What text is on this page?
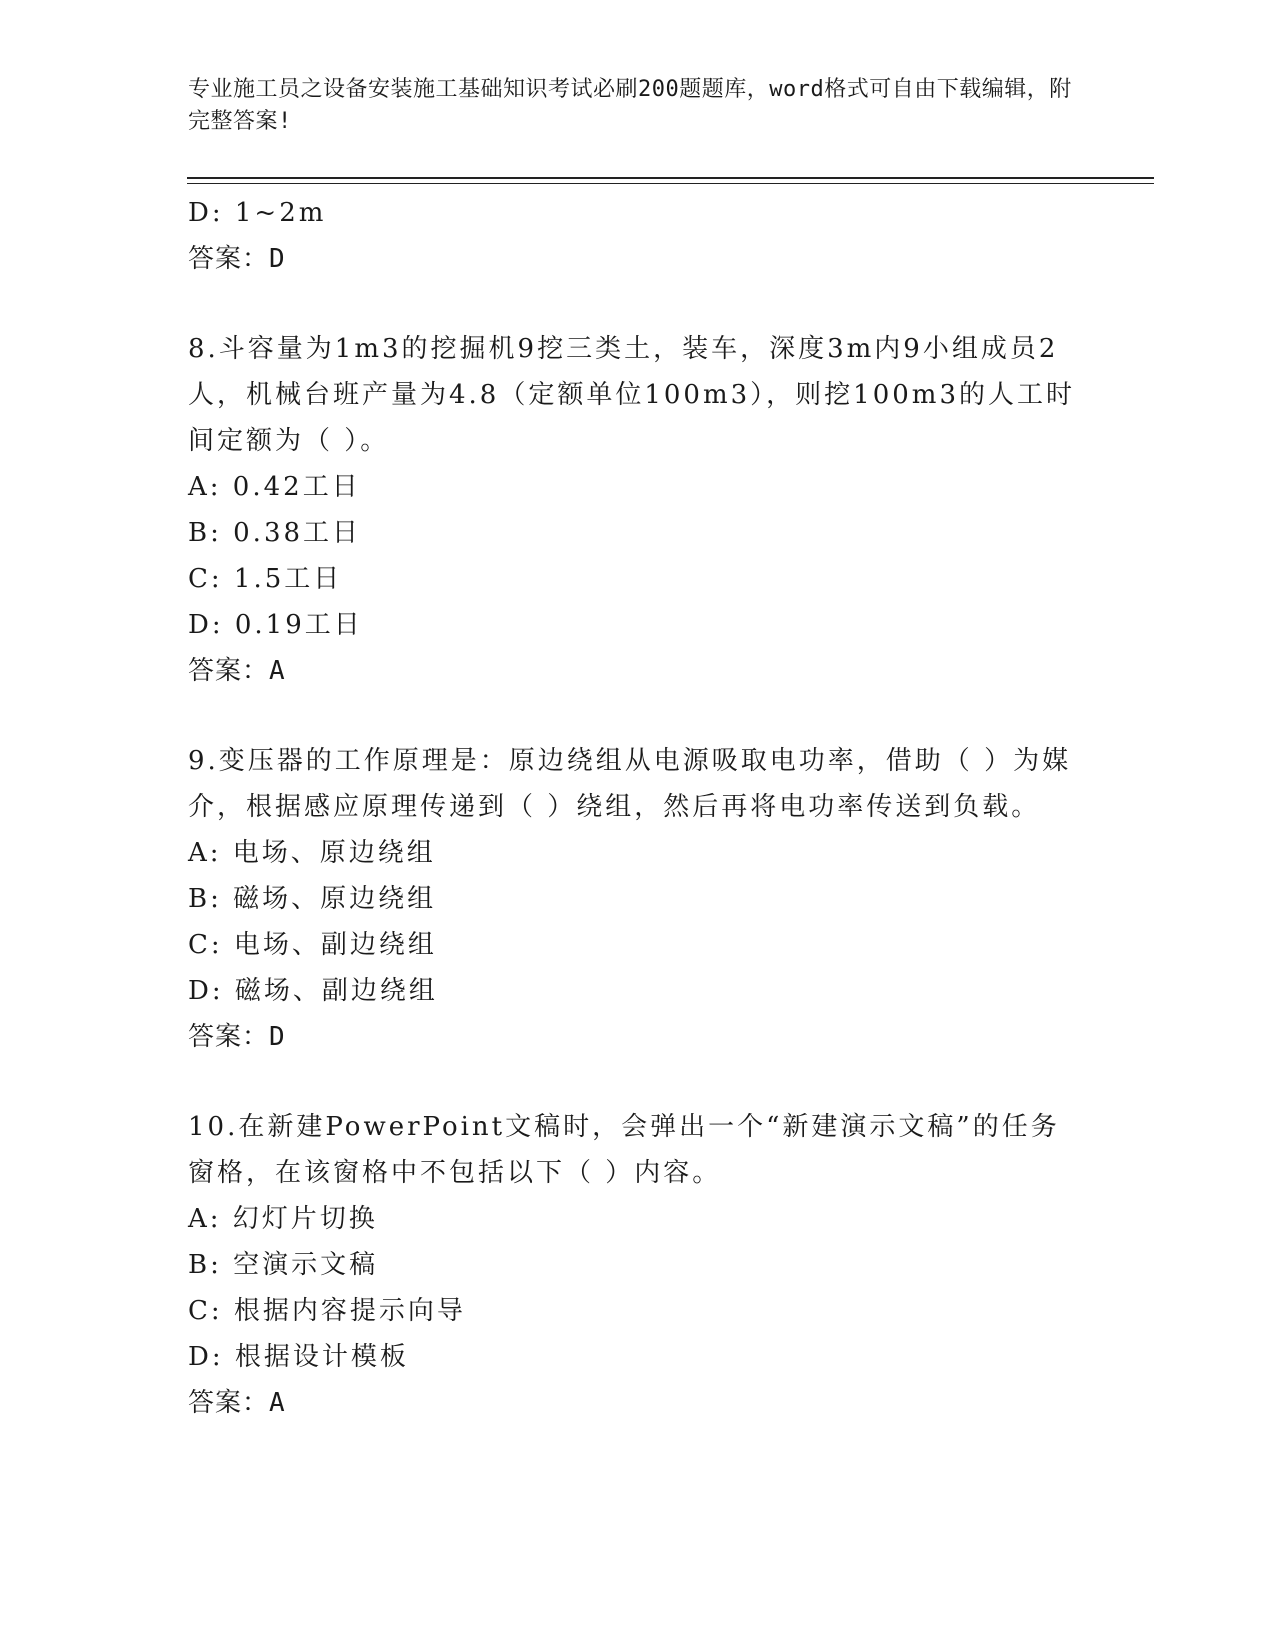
专业施工员之设备安装施工基础知识考试必刷200题题库，word格式可自由下载编辑，附完整答案!
D: 1~2m
答案：D
8.斗容量为1m3的挖掘机9挖三类土，装车，深度3m内9小组成员2人，机械台班产量为4.8（定额单位100m3），则挖100m3的人工时间定额为（ ）。
A: 0.42工日
B: 0.38工日
C: 1.5工日
D: 0.19工日
答案：A
9.变压器的工作原理是：原边绕组从电源吸取电功率，借助（ ）为媒介，根据感应原理传递到（ ）绕组，然后再将电功率传送到负载。
A: 电场、原边绕组
B: 磁场、原边绕组
C: 电场、副边绕组
D: 磁场、副边绕组
答案：D
10.在新建PowerPoint文稿时，会弹出一个“新建演示文稿”的任务窗格，在该窗格中不包括以下（ ）内容。
A: 幻灯片切换
B: 空演示文稿
C: 根据内容提示向导
D: 根据设计模板
答案：A
